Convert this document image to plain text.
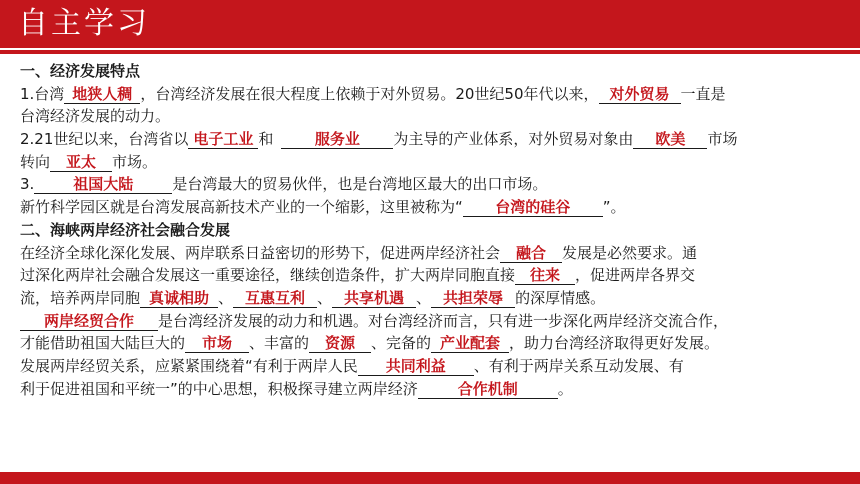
自主学习
一、经济发展特点
1.台湾 地狭人稠 ，台湾经济发展在很大程度上依赖于对外贸易。20世纪50年代以来， 对外贸易 一直是
台湾经济发展的动力。
2.21世纪以来，台湾省以 电子工业 和	服务业 为主导的产业体系，对外贸易对象由 欧美 市场
转向 亚太 市场。
3.	祖国大陆	是台湾最大的贸易伙伴，也是台湾地区最大的出口市场。
新竹科学园区就是台湾发展高新技术产业的一个缩影，这里被称为“ 台湾的硅谷 ”。
二、海峡两岸经济社会融合发展
在经济全球化深化发展、两岸联系日益密切的形势下，促进两岸经济社会 融合 发展是必然要求。通
过深化两岸社会融合发展这一重要途径，继续创造条件，扩大两岸同胞直接 往来 ，促进两岸各界交
流，培养两岸同胞 真诚相助 、 互惠互利 、 共享机遇 、 共担荣辱 的深厚情感。
两岸经贸合作 是台湾经济发展的动力和机遇。对台湾经济而言，只有进一步深化两岸经济交流合作，
才能借助祖国大陆巨大的 市场 、丰富的 资源 、完备的 产业配套 ，助力台湾经济取得更好发展。
发展两岸经贸关系，应紧紧围绕着“有利于两岸人民 共同利益 、有利于两岸关系互动发展、有
利于促进祖国和平统一”的中心思想，积极探寻建立两岸经济	合作机制	。
